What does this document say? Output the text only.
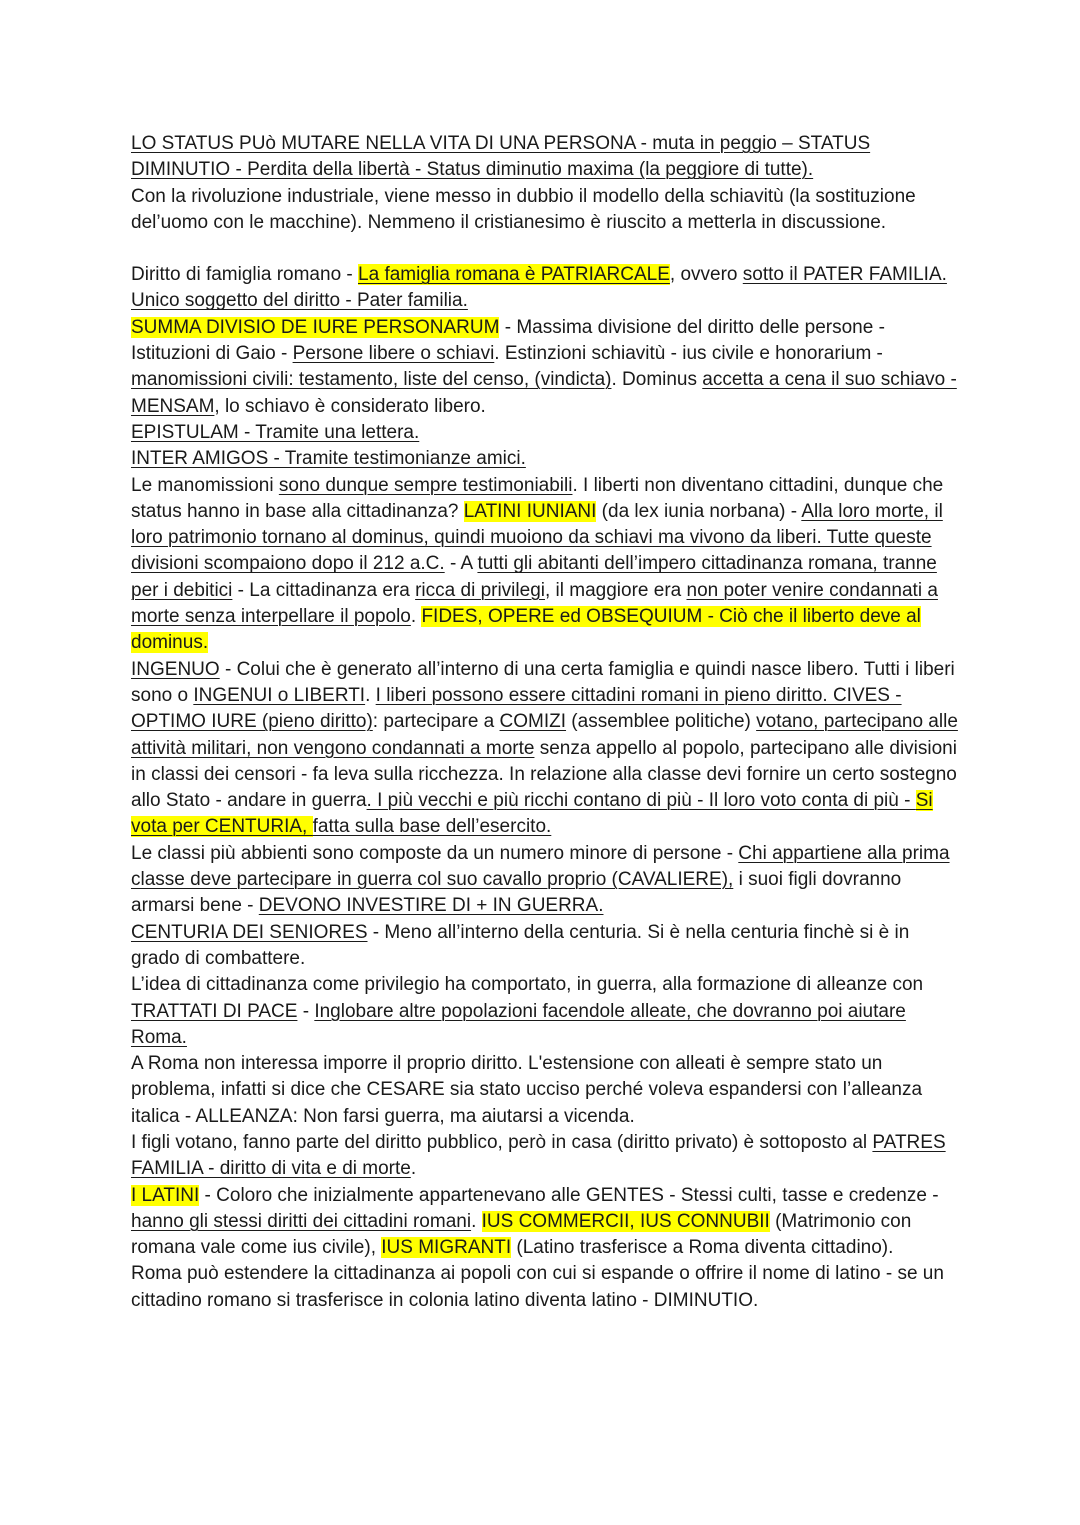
LO STATUS PUò MUTARE NELLA VITA DI UNA PERSONA - muta in peggio – STATUS DIMINUTIO - Perdita della libertà - Status diminutio maxima (la peggiore di tutte).

Con la rivoluzione industriale, viene messo in dubbio il modello della schiavitù (la sostituzione del’uomo con le macchine). Nemmeno il cristianesimo è riuscito a metterla in discussione.

Diritto di famiglia romano - La famiglia romana è PATRIARCALE, ovvero sotto il PATER FAMILIA. Unico soggetto del diritto - Pater familia.

SUMMA DIVISIO DE IURE PERSONARUM - Massima divisione del diritto delle persone - Istituzioni di Gaio - Persone libere o schiavi. Estinzioni schiavitù - ius civile e honorarium - manomissioni civili: testamento, liste del censo, (vindicta). Dominus accetta a cena il suo schiavo - MENSAM, lo schiavo è considerato libero.

EPISTULAM - Tramite una lettera.

INTER AMIGOS - Tramite testimonianze amici.

Le manomissioni sono dunque sempre testimoniabili. I liberti non diventano cittadini, dunque che status hanno in base alla cittadinanza? LATINI IUNIANI (da lex iunia norbana) - Alla loro morte, il loro patrimonio tornano al dominus, quindi muoiono da schiavi ma vivono da liberi. Tutte queste divisioni scompaiono dopo il 212 a.C. - A tutti gli abitanti dell’impero cittadinanza romana, tranne per i debitici - La cittadinanza era ricca di privilegi, il maggiore era non poter venire condannati a morte senza interpellare il popolo. FIDES, OPERE ed OBSEQUIUM - Ciò che il liberto deve al dominus.

INGENUO - Colui che è generato all’interno di una certa famiglia e quindi nasce libero. Tutti i liberi sono o INGENUI o LIBERTI. I liberi possono essere cittadini romani in pieno diritto. CIVES - OPTIMO IURE (pieno diritto): partecipare a COMIZI (assemblee politiche) votano, partecipano alle attività militari, non vengono condannati a morte senza appello al popolo, partecipano alle divisioni in classi dei censori - fa leva sulla ricchezza. In relazione alla classe devi fornire un certo sostegno allo Stato - andare in guerra. I più vecchi e più ricchi contano di più - Il loro voto conta di più - Si vota per CENTURIA, fatta sulla base dell’esercito.

Le classi più abbienti sono composte da un numero minore di persone - Chi appartiene alla prima classe deve partecipare in guerra col suo cavallo proprio (CAVALIERE), i suoi figli dovranno armarsi bene - DEVONO INVESTIRE DI + IN GUERRA.

CENTURIA DEI SENIORES - Meno all’interno della centuria. Si è nella centuria finchè si è in grado di combattere.

L’idea di cittadinanza come privilegio ha comportato, in guerra, alla formazione di alleanze con TRATTATI DI PACE - Inglobare altre popolazioni facendole alleate, che dovranno poi aiutare Roma.

A Roma non interessa imporre il proprio diritto. L'estensione con alleati è sempre stato un problema, infatti si dice che CESARE sia stato ucciso perché voleva espandersi con l’alleanza italica - ALLEANZA: Non farsi guerra, ma aiutarsi a vicenda.

I figli votano, fanno parte del diritto pubblico, però in casa (diritto privato) è sottoposto al PATRES FAMILIA - diritto di vita e di morte.

I LATINI - Coloro che inizialmente appartenevano alle GENTES - Stessi culti, tasse e credenze - hanno gli stessi diritti dei cittadini romani. IUS COMMERCII, IUS CONNUBII (Matrimonio con romana vale come ius civile), IUS MIGRANTI (Latino trasferisce a Roma diventa cittadino).

Roma può estendere la cittadinanza ai popoli con cui si espande o offrire il nome di latino - se un cittadino romano si trasferisce in colonia latino diventa latino - DIMINUTIO.
